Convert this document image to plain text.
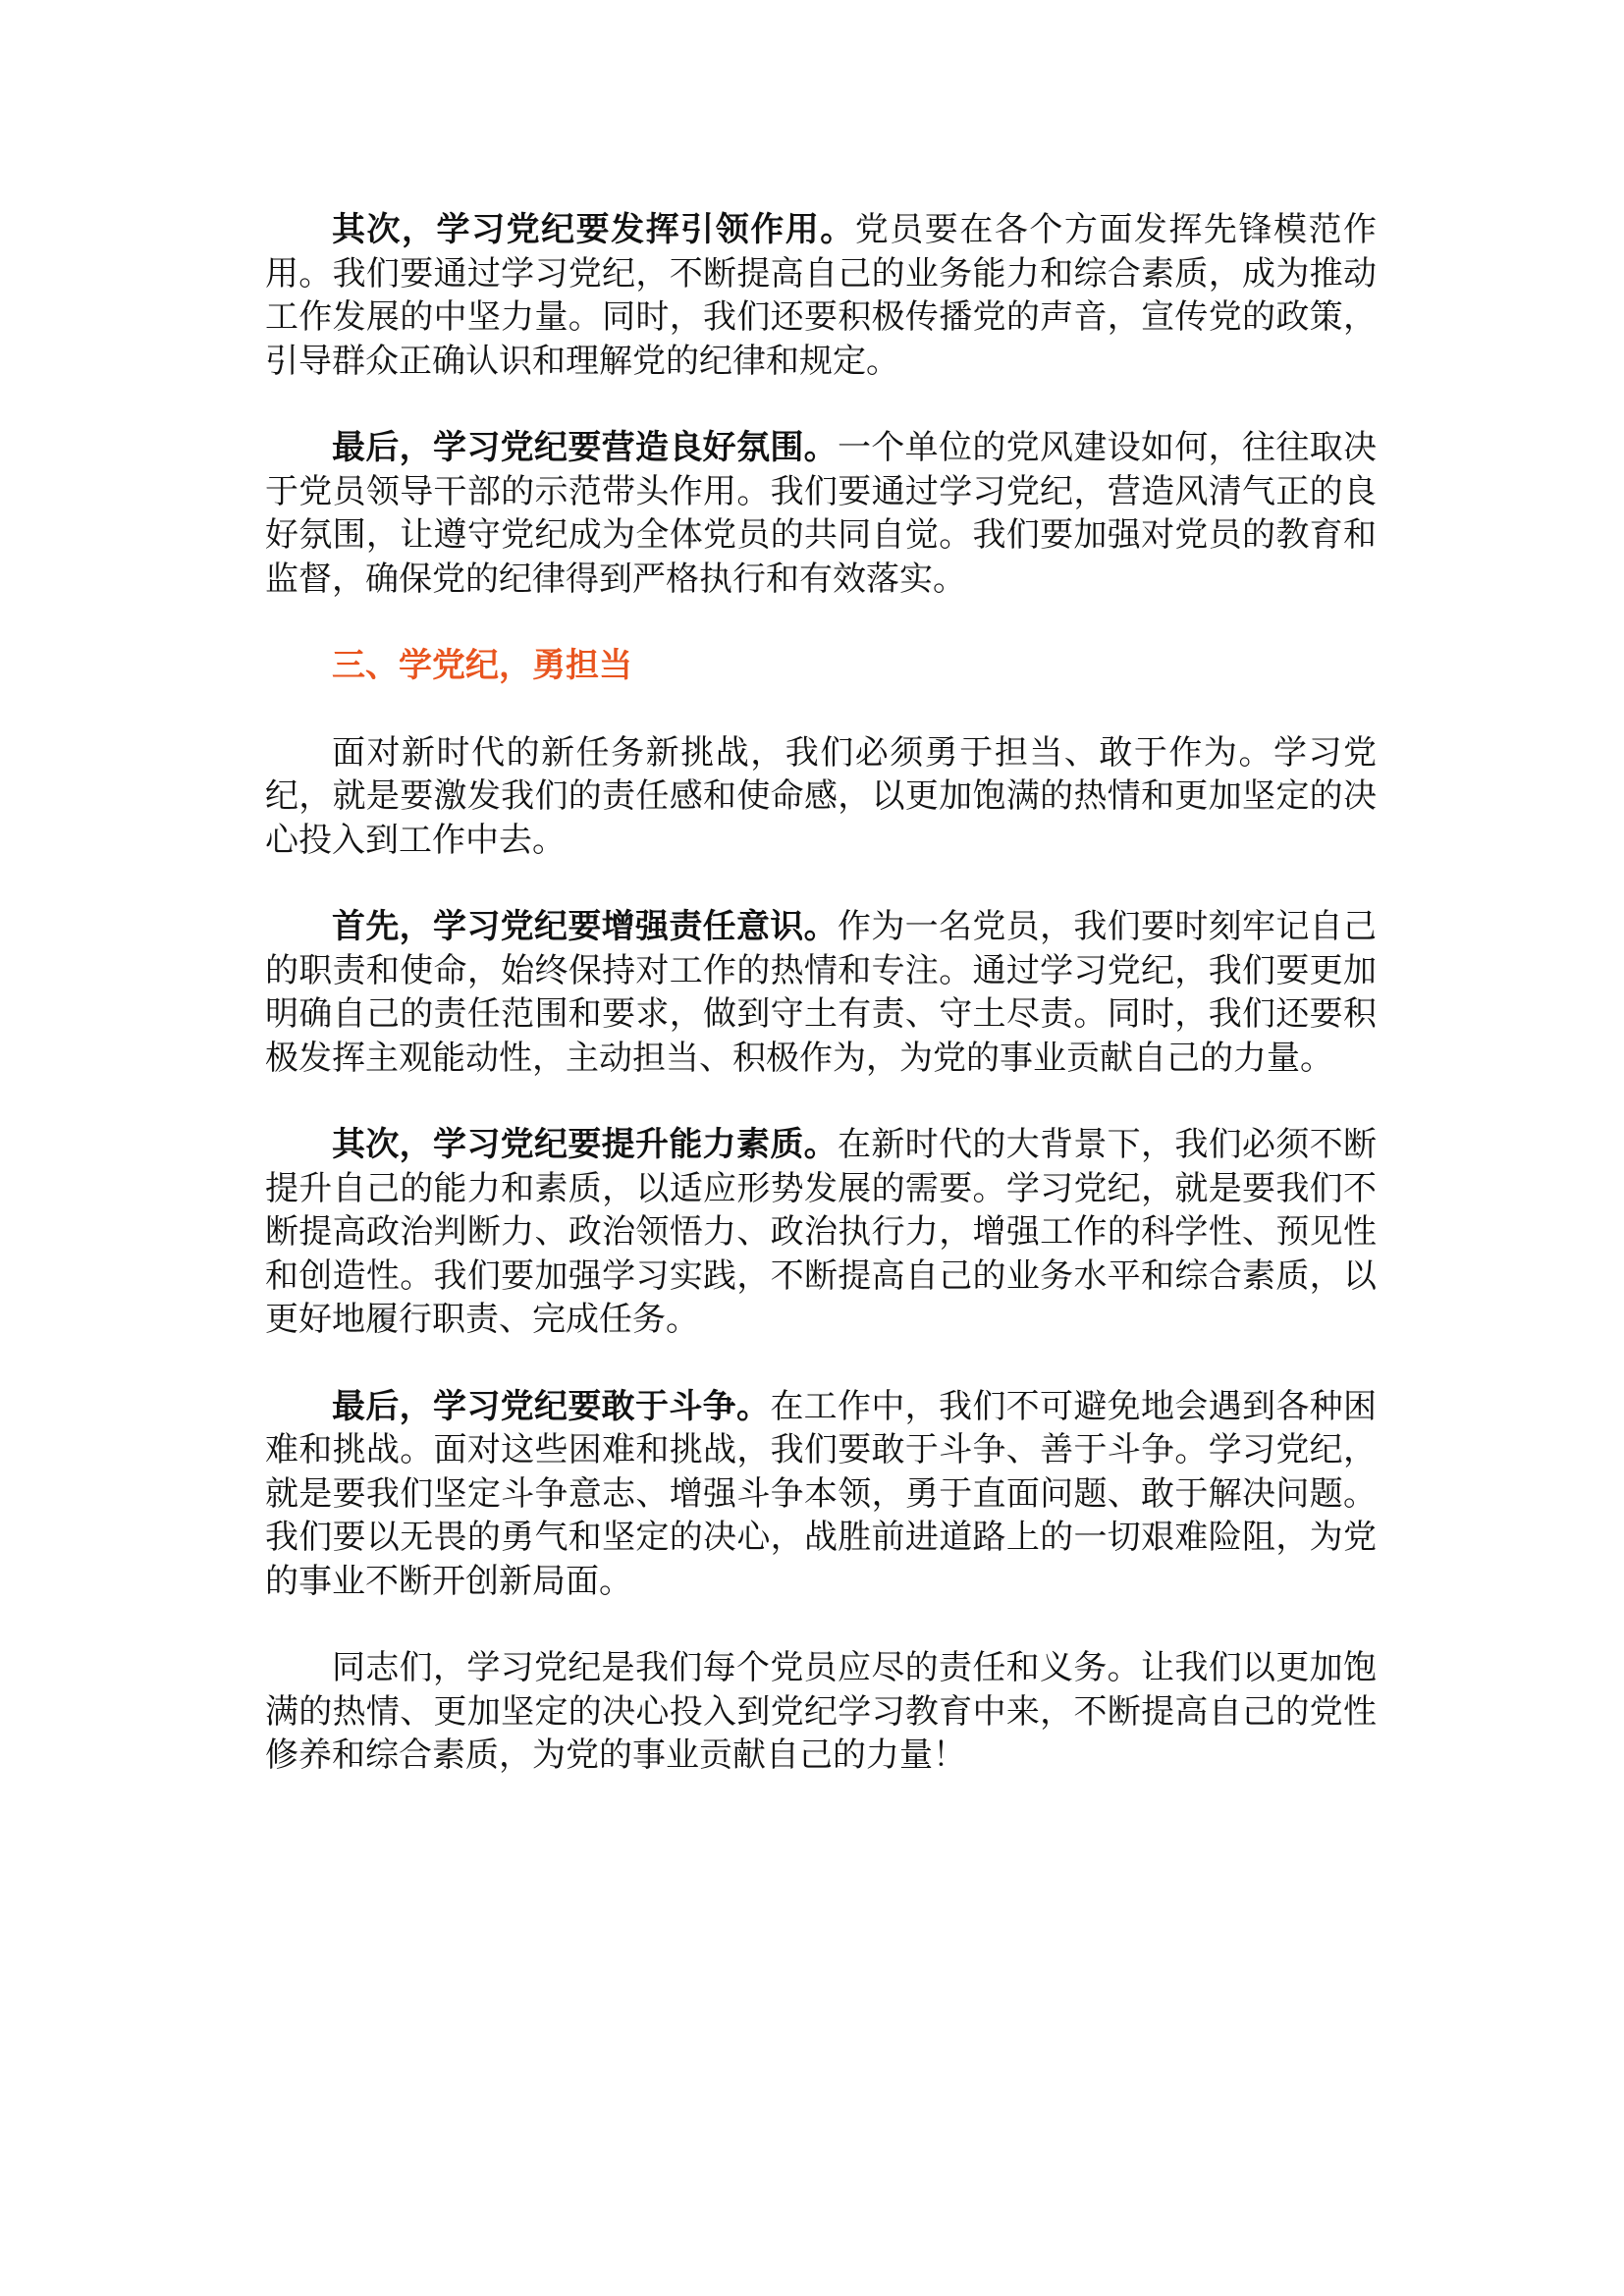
其次，学习党纪要发挥引领作用。党员要在各个方面发挥先锋模范作用。我们要通过学习党纪，不断提高自己的业务能力和综合素质，成为推动工作发展的中坚力量。同时，我们还要积极传播党的声音，宣传党的政策，引导群众正确认识和理解党的纪律和规定。

最后，学习党纪要营造良好氛围。一个单位的党风建设如何，往往取决于党员领导干部的示范带头作用。我们要通过学习党纪，营造风清气正的良好氛围，让遵守党纪成为全体党员的共同自觉。我们要加强对党员的教育和监督，确保党的纪律得到严格执行和有效落实。

三、学党纪，勇担当

面对新时代的新任务新挑战，我们必须勇于担当、敢于作为。学习党纪，就是要激发我们的责任感和使命感，以更加饱满的热情和更加坚定的决心投入到工作中去。

首先，学习党纪要增强责任意识。作为一名党员，我们要时刻牢记自己的职责和使命，始终保持对工作的热情和专注。通过学习党纪，我们要更加明确自己的责任范围和要求，做到守土有责、守土尽责。同时，我们还要积极发挥主观能动性，主动担当、积极作为，为党的事业贡献自己的力量。

其次，学习党纪要提升能力素质。在新时代的大背景下，我们必须不断提升自己的能力和素质，以适应形势发展的需要。学习党纪，就是要我们不断提高政治判断力、政治领悟力、政治执行力，增强工作的科学性、预见性和创造性。我们要加强学习实践，不断提高自己的业务水平和综合素质，以更好地履行职责、完成任务。

最后，学习党纪要敢于斗争。在工作中，我们不可避免地会遇到各种困难和挑战。面对这些困难和挑战，我们要敢于斗争、善于斗争。学习党纪，就是要我们坚定斗争意志、增强斗争本领，勇于直面问题、敢于解决问题。我们要以无畏的勇气和坚定的决心，战胜前进道路上的一切艰难险阻，为党的事业不断开创新局面。

同志们，学习党纪是我们每个党员应尽的责任和义务。让我们以更加饱满的热情、更加坚定的决心投入到党纪学习教育中来，不断提高自己的党性修养和综合素质，为党的事业贡献自己的力量！
